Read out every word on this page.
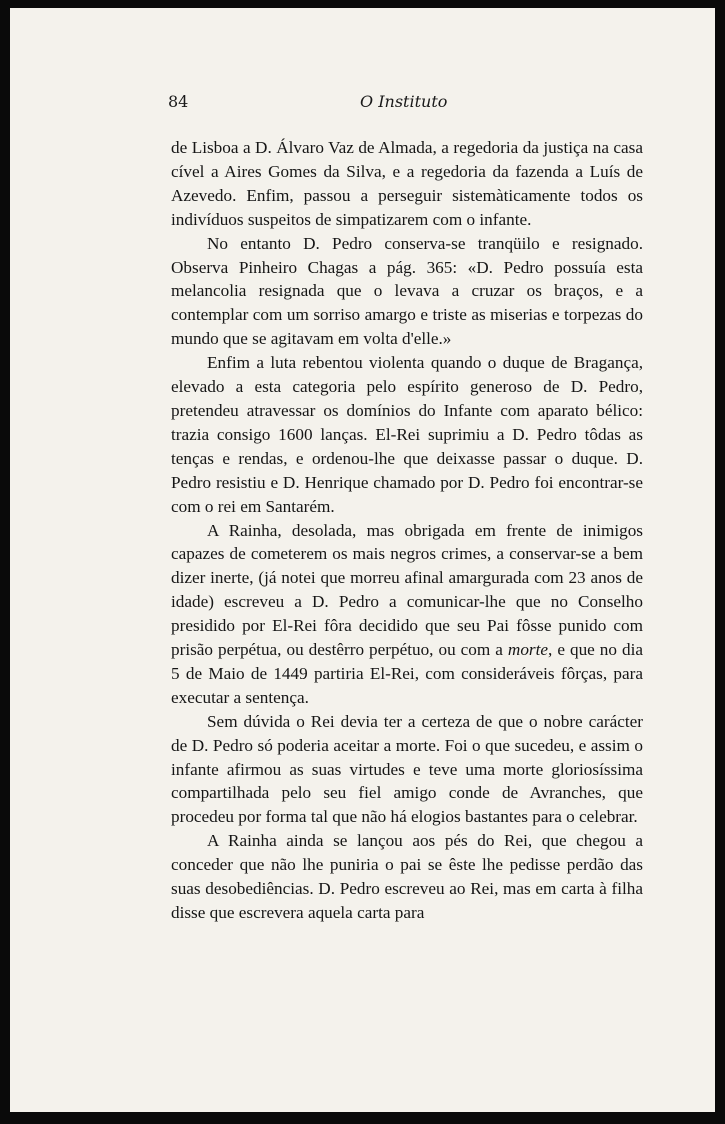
84	O Instituto

de Lisboa a D. Álvaro Vaz de Almada, a regedoria da justiça na casa cível a Aires Gomes da Silva, e a regedoria da fazenda a Luís de Azevedo. Enfim, passou a perseguir sistemàticamente todos os indivíduos suspeitos de simpatizarem com o infante.

No entanto D. Pedro conserva-se tranqüilo e resignado. Observa Pinheiro Chagas a pág. 365: «D. Pedro possuía esta melancolia resignada que o levava a cruzar os braços, e a contemplar com um sorriso amargo e triste as miserias e torpezas do mundo que se agitavam em volta d'elle.»

Enfim a luta rebentou violenta quando o duque de Bragança, elevado a esta categoria pelo espírito generoso de D. Pedro, pretendeu atravessar os domínios do Infante com aparato bélico: trazia consigo 1600 lanças. El-Rei suprimiu a D. Pedro tôdas as tenças e rendas, e ordenou-lhe que deixasse passar o duque. D. Pedro resistiu e D. Henrique chamado por D. Pedro foi encontrar-se com o rei em Santarém.

A Rainha, desolada, mas obrigada em frente de inimigos capazes de cometerem os mais negros crimes, a conservar-se a bem dizer inerte, (já notei que morreu afinal amargurada com 23 anos de idade) escreveu a D. Pedro a comunicar-lhe que no Conselho presidido por El-Rei fôra decidido que seu Pai fôsse punido com prisão perpétua, ou destêrro perpétuo, ou com a morte, e que no dia 5 de Maio de 1449 partiria El-Rei, com consideráveis fôrças, para executar a sentença.

Sem dúvida o Rei devia ter a certeza de que o nobre carácter de D. Pedro só poderia aceitar a morte. Foi o que sucedeu, e assim o infante afirmou as suas virtudes e teve uma morte gloriosíssima compartilhada pelo seu fiel amigo conde de Avranches, que procedeu por forma tal que não há elogios bastantes para o celebrar.

A Rainha ainda se lançou aos pés do Rei, que chegou a conceder que não lhe puniria o pai se êste lhe pedisse perdão das suas desobediências. D. Pedro escreveu ao Rei, mas em carta à filha disse que escrevera aquela carta para
